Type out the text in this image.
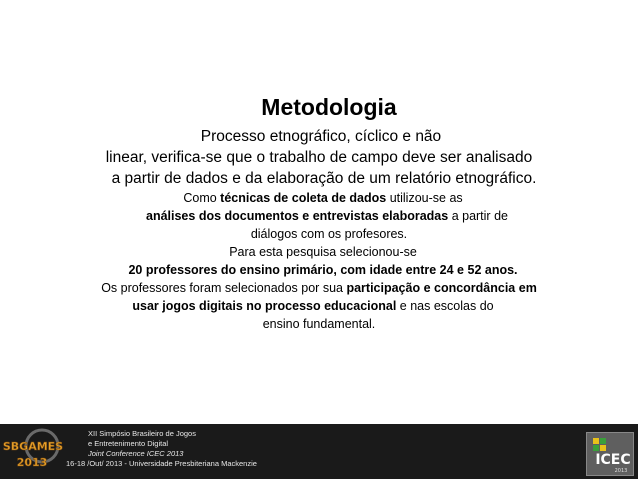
Metodologia

Processo etnográfico, cíclico e não

linear, verifica-se que o trabalho de campo deve ser analisado

a partir de dados e da elaboração de um relatório etnográfico.

Como técnicas de coleta de dados utilizou-se as

análises dos documentos e entrevistas elaboradas a partir de

diálogos com os profesores.

Para esta pesquisa selecionou-se

20 professores do ensino primário, com idade entre 24 e 52 anos.

Os professores foram selecionados por sua participação e concordância em

usar jogos digitais no processo educacional e nas escolas do

ensino fundamental.

SBGAMES
2013
XII Simpósio Brasileiro de Jogos
e Entretenimento Digital
Joint Conference ICEC 2013
16-18 /Out/ 2013 - Universidade Presbiteriana Mackenzie	ICEC
2013
